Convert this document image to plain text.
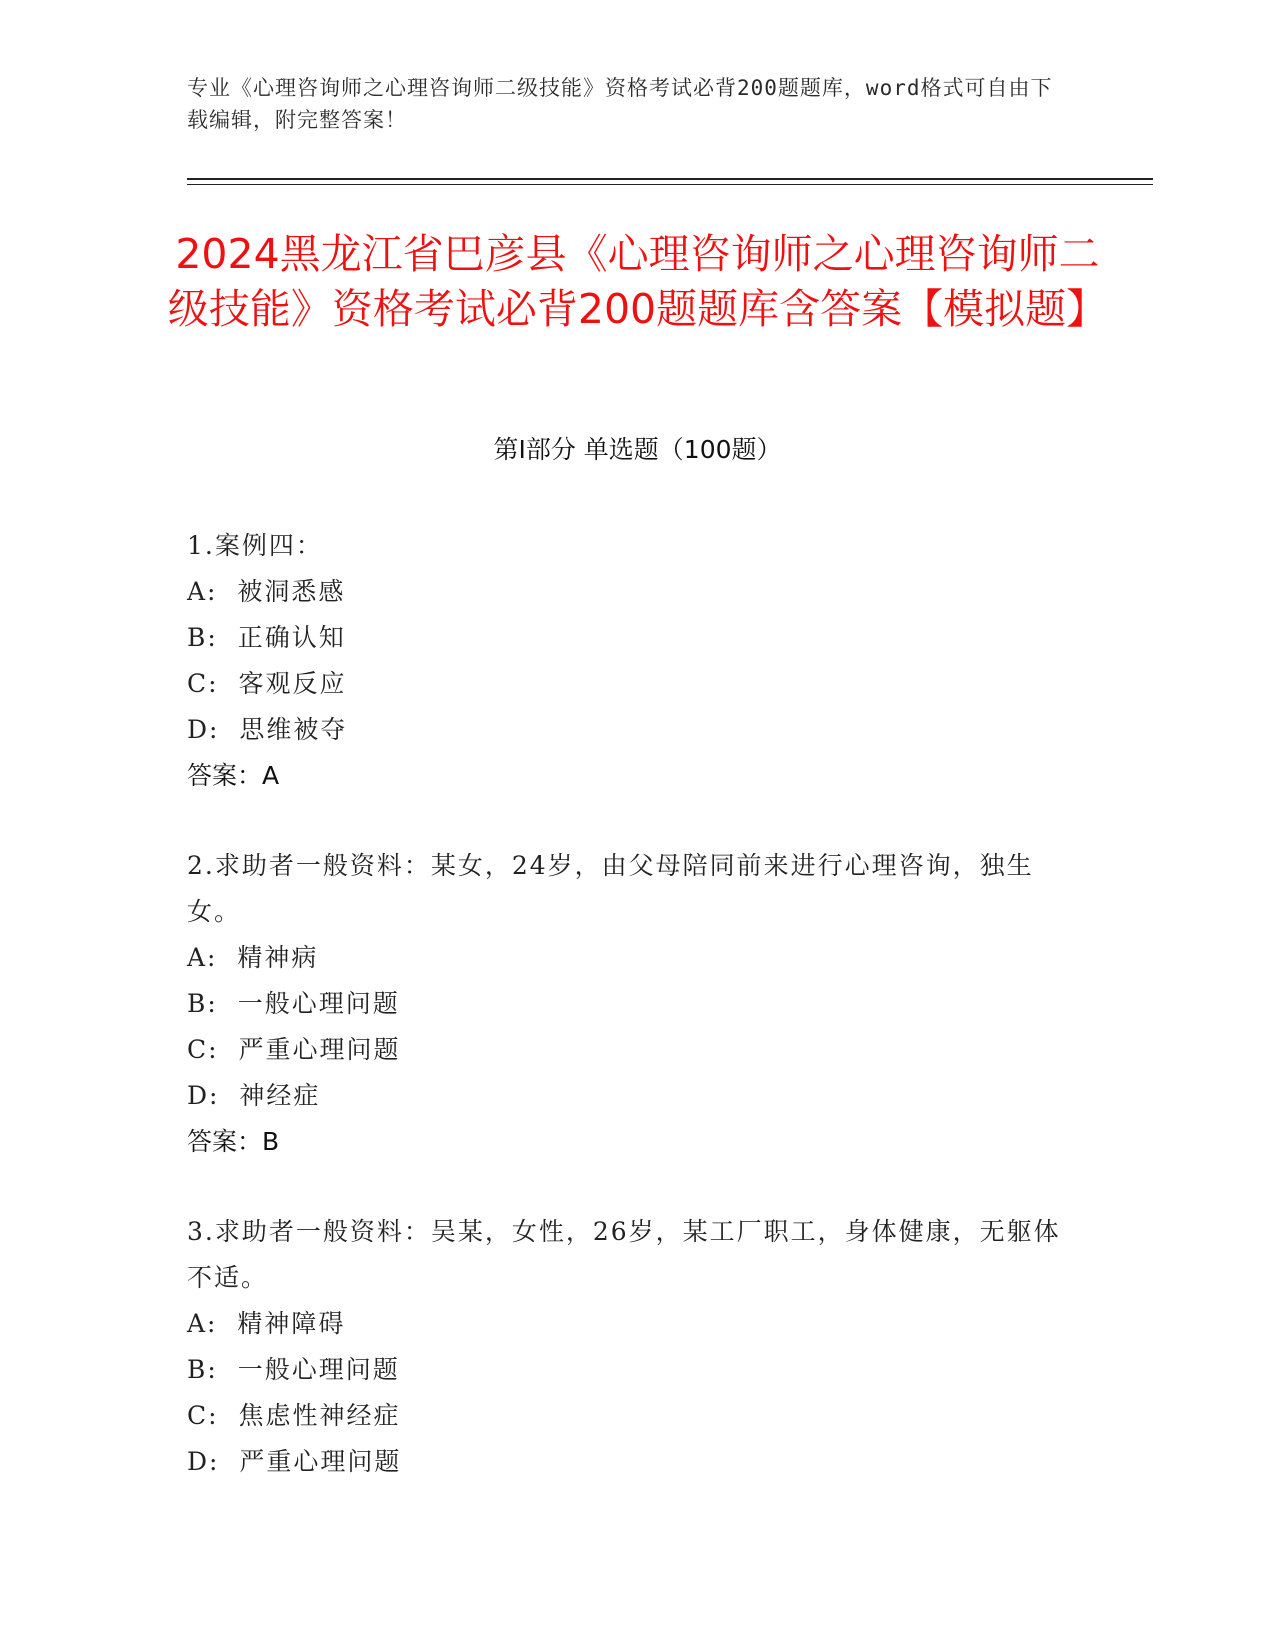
专业《心理咨询师之心理咨询师二级技能》资格考试必背200题题库，word格式可自由下载编辑，附完整答案！
2024黑龙江省巴彦县《心理咨询师之心理咨询师二级技能》资格考试必背200题题库含答案【模拟题】
第Ⅰ部分 单选题（100题）

1.案例四：

A:  被洞悉感

B:  正确认知

C:  客观反应

D:  思维被夺

答案：A

2.求助者一般资料：某女，24岁，由父母陪同前来进行心理咨询，独生女。

A:  精神病

B:  一般心理问题

C:  严重心理问题

D:  神经症

答案：B

3.求助者一般资料：吴某，女性，26岁，某工厂职工，身体健康，无躯体不适。

A:  精神障碍

B:  一般心理问题

C:  焦虑性神经症

D:  严重心理问题
